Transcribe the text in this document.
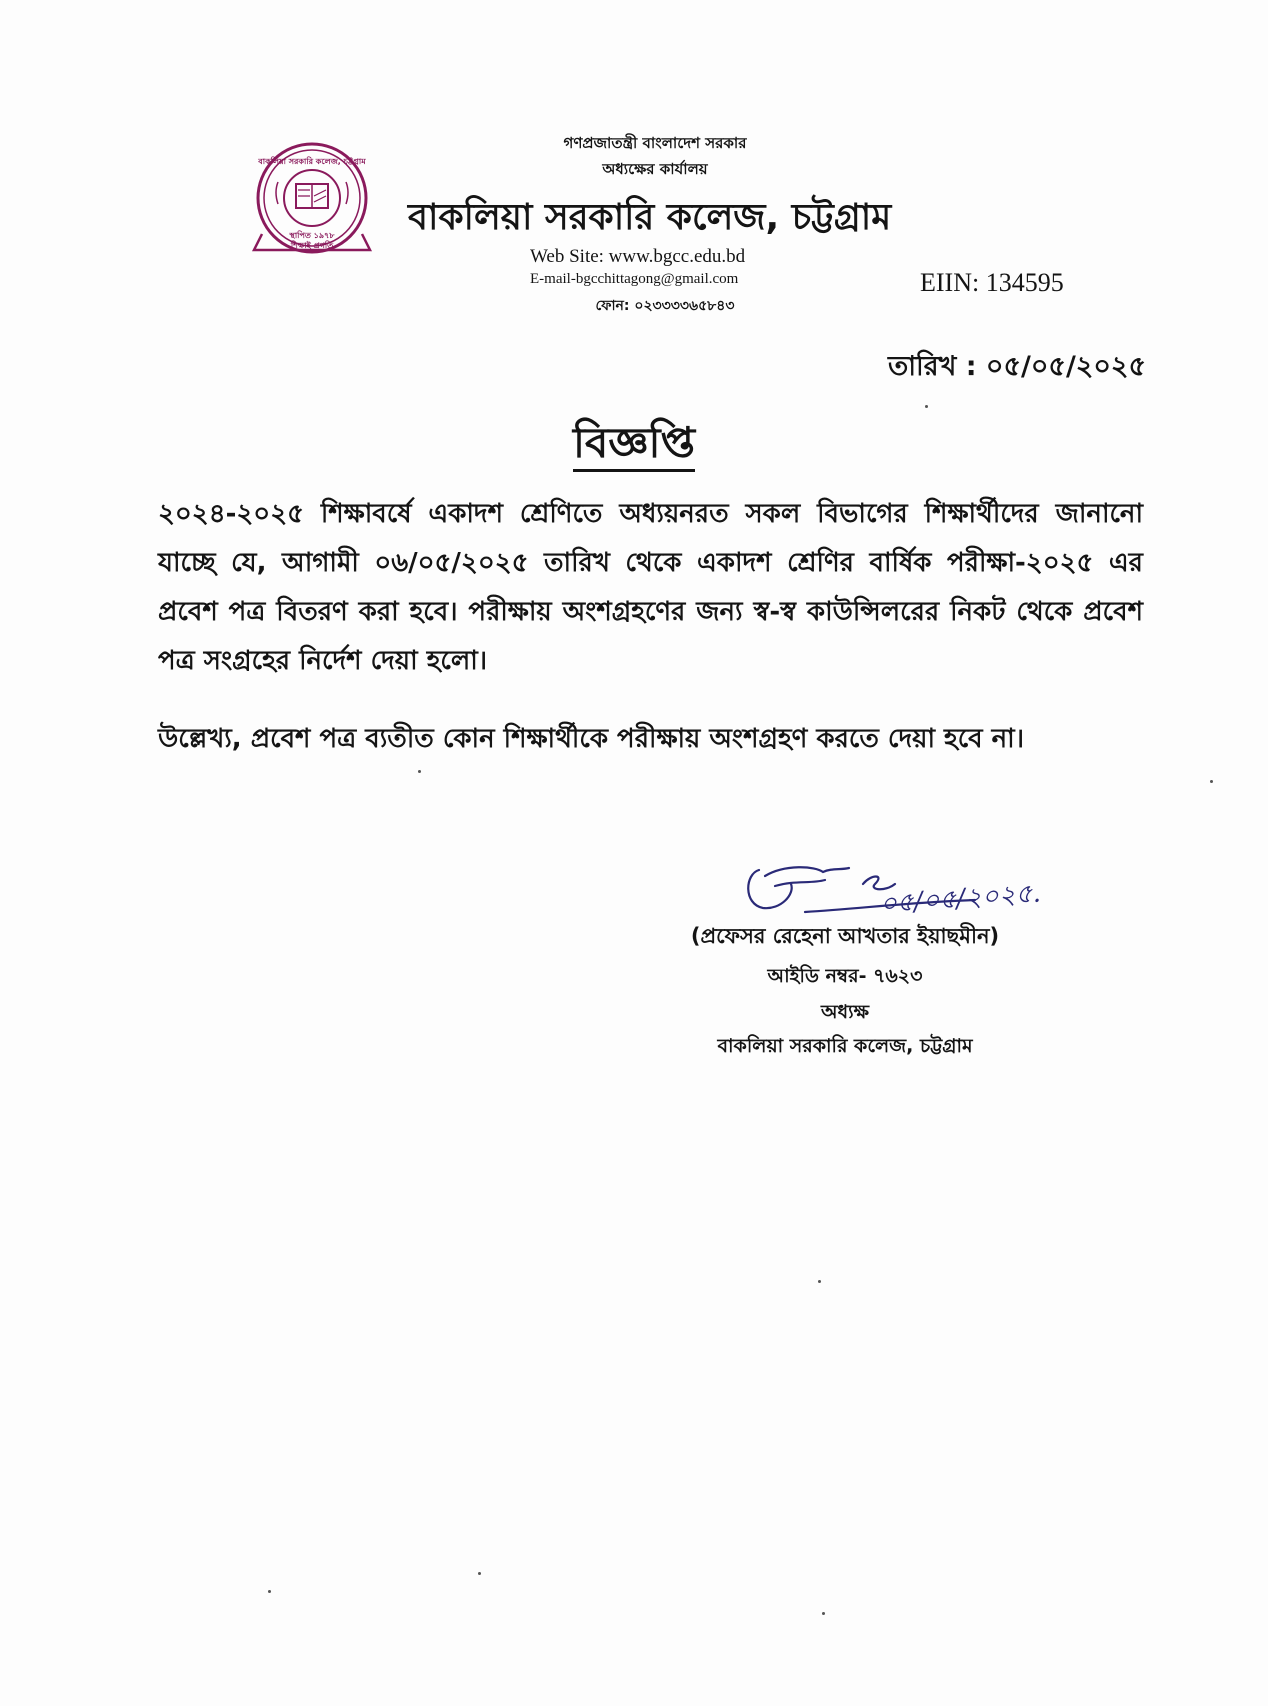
বাকলিয়া সরকারি কলেজ, চট্টগ্রাম
স্থাপিত ১৯৭৮
শিক্ষাই প্রগতি
গণপ্রজাতন্ত্রী বাংলাদেশ সরকার
অধ্যক্ষের কার্যালয়
বাকলিয়া সরকারি কলেজ, চট্টগ্রাম
Web Site: www.bgcc.edu.bd
E-mail-bgcchittagong@gmail.com
ফোন: ০২৩৩৩৩৬৫৮৪৩
EIIN: 134595
তারিখ : ০৫/০৫/২০২৫
বিজ্ঞপ্তি
২০২৪-২০২৫ শিক্ষাবর্ষে একাদশ শ্রেণিতে অধ্যয়নরত সকল বিভাগের শিক্ষার্থীদের জানানো যাচ্ছে যে, আগামী ০৬/০৫/২০২৫ তারিখ থেকে একাদশ শ্রেণির বার্ষিক পরীক্ষা-২০২৫ এর প্রবেশ পত্র বিতরণ করা হবে। পরীক্ষায় অংশগ্রহণের জন্য স্ব-স্ব কাউন্সিলরের নিকট থেকে প্রবেশ পত্র সংগ্রহের নির্দেশ দেয়া হলো।
উল্লেখ্য, প্রবেশ পত্র ব্যতীত কোন শিক্ষার্থীকে পরীক্ষায় অংশগ্রহণ করতে দেয়া হবে না।
০৫/০৫/২০২৫.
(প্রফেসর রেহেনা আখতার ইয়াছমীন)
আইডি নম্বর- ৭৬২৩
অধ্যক্ষ
বাকলিয়া সরকারি কলেজ, চট্টগ্রাম
